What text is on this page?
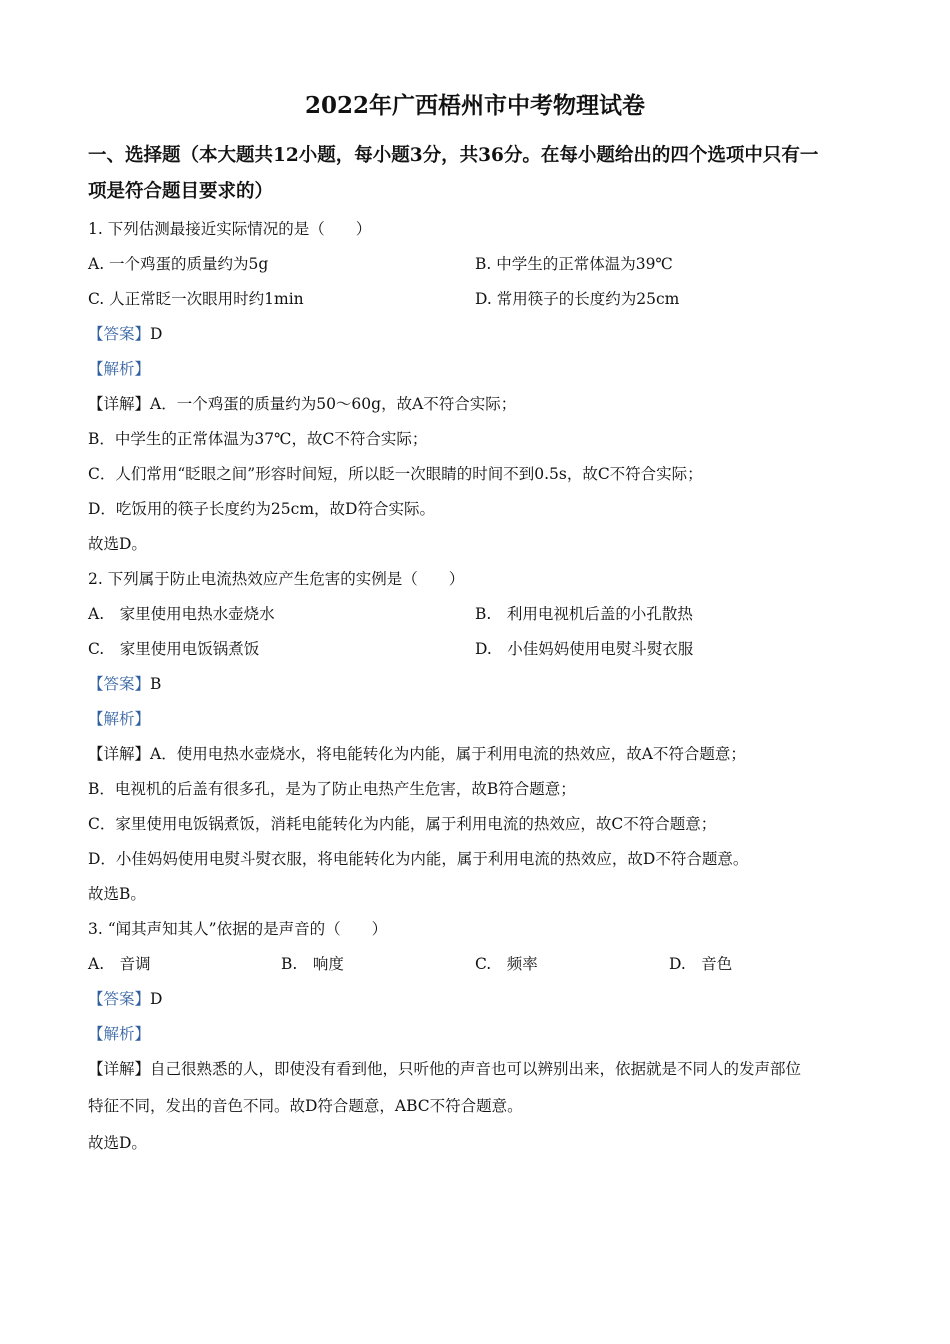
2022年广西梧州市中考物理试卷
一、选择题（本大题共12小题，每小题3分，共36分。在每小题给出的四个选项中只有一
项是符合题目要求的）
1. 下列估测最接近实际情况的是（　　）
A. 一个鸡蛋的质量约为5g	B. 中学生的正常体温为39℃
C. 人正常眨一次眼用时约1min	D. 常用筷子的长度约为25cm
【答案】D
【解析】
【详解】A．一个鸡蛋的质量约为50～60g，故A不符合实际；
B．中学生的正常体温为37℃，故C不符合实际；
C．人们常用“眨眼之间”形容时间短，所以眨一次眼睛的时间不到0.5s，故C不符合实际；
D．吃饭用的筷子长度约为25cm，故D符合实际。
故选D。
2. 下列属于防止电流热效应产生危害的实例是（　　）
A.　家里使用电热水壶烧水	B.　利用电视机后盖的小孔散热
C.　家里使用电饭锅煮饭	D.　小佳妈妈使用电熨斗熨衣服
【答案】B
【解析】
【详解】A．使用电热水壶烧水，将电能转化为内能，属于利用电流的热效应，故A不符合题意；
B．电视机的后盖有很多孔，是为了防止电热产生危害，故B符合题意；
C．家里使用电饭锅煮饭，消耗电能转化为内能，属于利用电流的热效应，故C不符合题意；
D．小佳妈妈使用电熨斗熨衣服，将电能转化为内能，属于利用电流的热效应，故D不符合题意。
故选B。
3. “闻其声知其人”依据的是声音的（　　）
A.　音调	B.　响度	C.　频率	D.　音色
【答案】D
【解析】
【详解】自己很熟悉的人，即使没有看到他，只听他的声音也可以辨别出来，依据就是不同人的发声部位
特征不同，发出的音色不同。故D符合题意，ABC不符合题意。
故选D。
